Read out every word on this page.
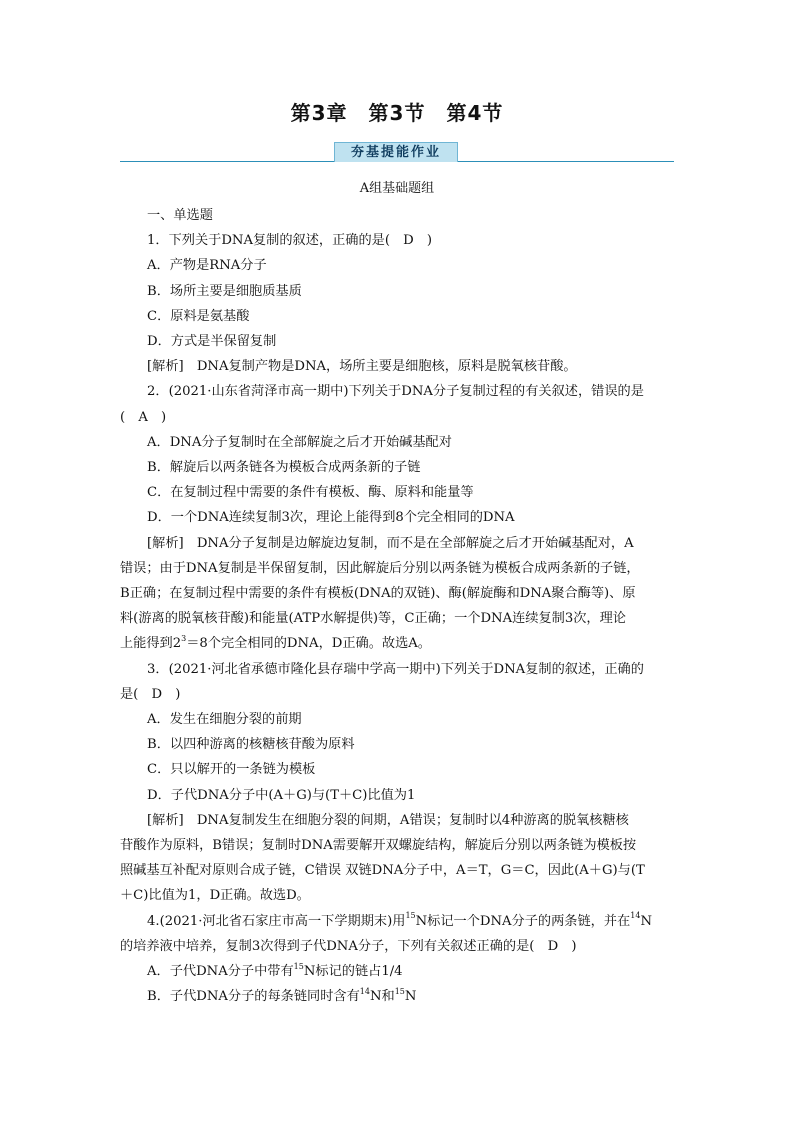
第3章　第3节　第4节
夯基提能作业
A组基础题组

一、单选题

1．下列关于DNA复制的叙述，正确的是(　D　)

A．产物是RNA分子

B．场所主要是细胞质基质

C．原料是氨基酸

D．方式是半保留复制

[解析]　DNA复制产物是DNA，场所主要是细胞核，原料是脱氧核苷酸。

2．(2021·山东省菏泽市高一期中)下列关于DNA分子复制过程的有关叙述，错误的是

(　A　)

A．DNA分子复制时在全部解旋之后才开始碱基配对

B．解旋后以两条链各为模板合成两条新的子链

C．在复制过程中需要的条件有模板、酶、原料和能量等

D．一个DNA连续复制3次，理论上能得到8个完全相同的DNA

[解析]　DNA分子复制是边解旋边复制，而不是在全部解旋之后才开始碱基配对，A

错误；由于DNA复制是半保留复制，因此解旋后分别以两条链为模板合成两条新的子链，

B正确；在复制过程中需要的条件有模板(DNA的双链)、酶(解旋酶和DNA聚合酶等)、原

料(游离的脱氧核苷酸)和能量(ATP水解提供)等，C正确；一个DNA连续复制3次，理论

上能得到$2^3=8$个完全相同的DNA，D正确。故选A。

3．(2021·河北省承德市隆化县存瑞中学高一期中)下列关于DNA复制的叙述，正确的

是(　D　)

A．发生在细胞分裂的前期

B．以四种游离的核糖核苷酸为原料

C．只以解开的一条链为模板

D．子代DNA分子中(A＋G)与(T＋C)比值为1

[解析]　DNA复制发生在细胞分裂的间期，A错误；复制时以4种游离的脱氧核糖核

苷酸作为原料，B错误；复制时DNA需要解开双螺旋结构，解旋后分别以两条链为模板按

照碱基互补配对原则合成子链，C错误 双链DNA分子中，A＝T，G＝C，因此(A＋G)与(T

＋C)比值为1，D正确。故选D。

4.(2021·河北省石家庄市高一下学期期末)用$^{15}$N标记一个DNA分子的两条链，并在$^{14}$N

的培养液中培养，复制3次得到子代DNA分子，下列有关叙述正确的是(　D　)

A．子代DNA分子中带有$^{15}$N标记的链占1/4

B．子代DNA分子的每条链同时含有$^{14}$N和$^{15}$N
